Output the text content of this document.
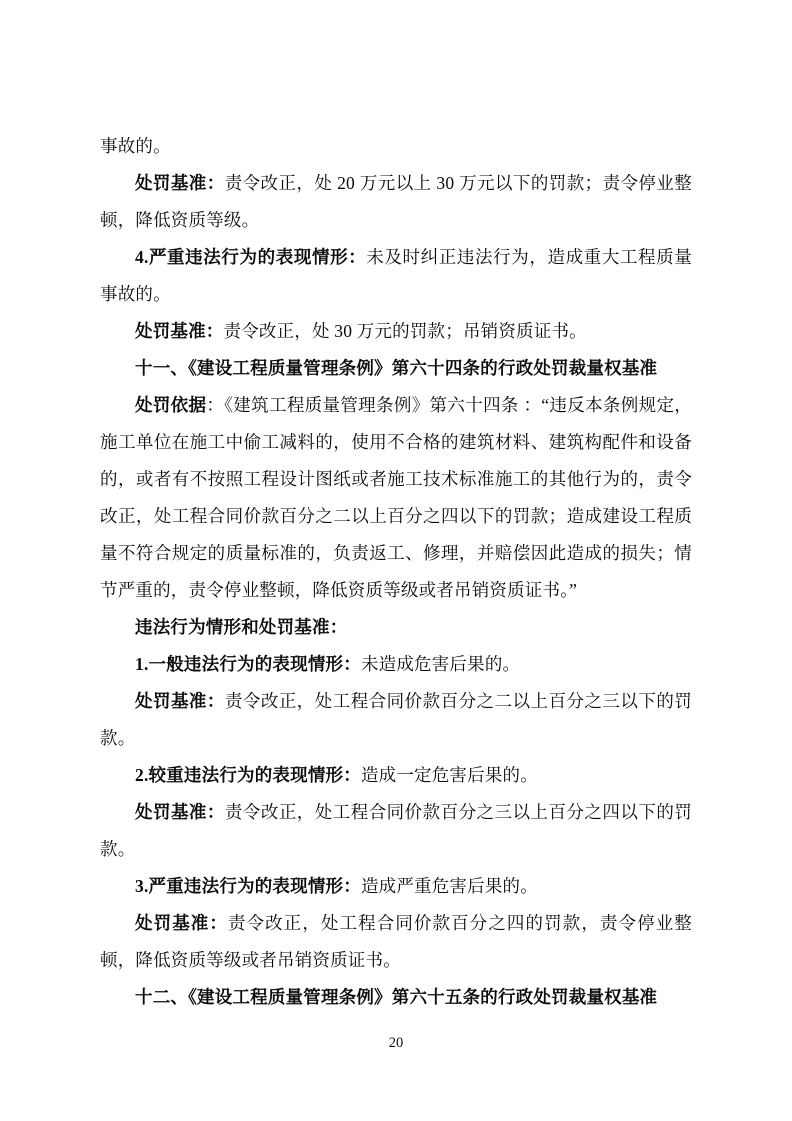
事故的。

处罚基准：责令改正，处 20 万元以上 30 万元以下的罚款；责令停业整顿，降低资质等级。

4.严重违法行为的表现情形：未及时纠正违法行为，造成重大工程质量事故的。

处罚基准：责令改正，处 30 万元的罚款；吊销资质证书。

十一、《建设工程质量管理条例》第六十四条的行政处罚裁量权基准

处罚依据：《建筑工程质量管理条例》第六十四条 ：“违反本条例规定，施工单位在施工中偷工减料的，使用不合格的建筑材料、建筑构配件和设备的，或者有不按照工程设计图纸或者施工技术标准施工的其他行为的，责令改正，处工程合同价款百分之二以上百分之四以下的罚款；造成建设工程质量不符合规定的质量标准的，负责返工、修理，并赔偿因此造成的损失；情节严重的，责令停业整顿，降低资质等级或者吊销资质证书。”

违法行为情形和处罚基准：

1.一般违法行为的表现情形：未造成危害后果的。

处罚基准：责令改正，处工程合同价款百分之二以上百分之三以下的罚款。

2.较重违法行为的表现情形：造成一定危害后果的。

处罚基准：责令改正，处工程合同价款百分之三以上百分之四以下的罚款。

3.严重违法行为的表现情形：造成严重危害后果的。

处罚基准：责令改正，处工程合同价款百分之四的罚款，责令停业整顿，降低资质等级或者吊销资质证书。

十二、《建设工程质量管理条例》第六十五条的行政处罚裁量权基准

20
